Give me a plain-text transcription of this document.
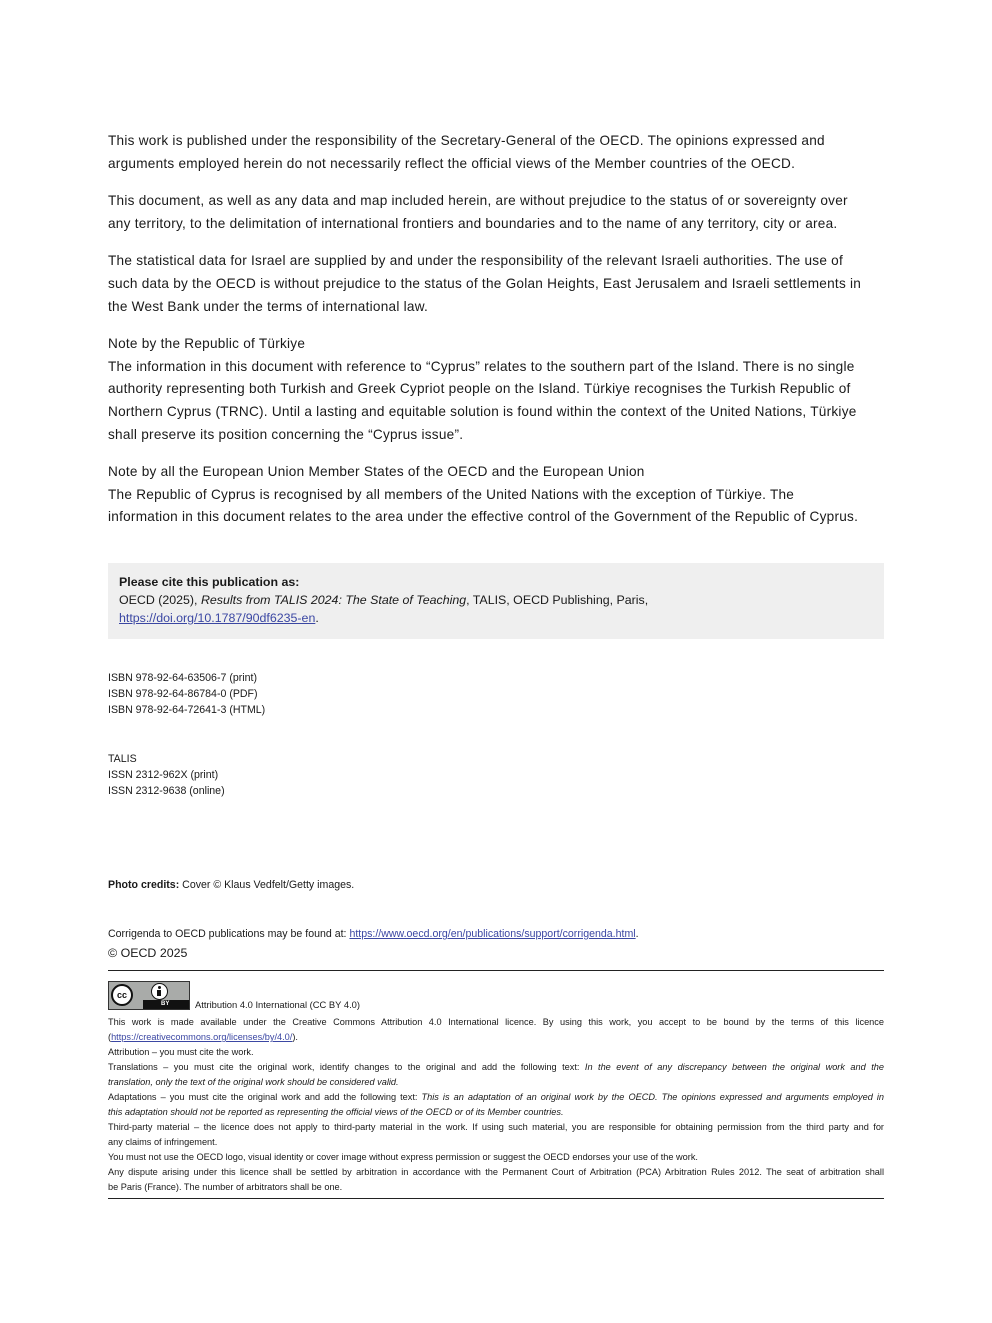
This work is published under the responsibility of the Secretary-General of the OECD. The opinions expressed and
arguments employed herein do not necessarily reflect the official views of the Member countries of the OECD.

This document, as well as any data and map included herein, are without prejudice to the status of or sovereignty over
any territory, to the delimitation of international frontiers and boundaries and to the name of any territory, city or area.

The statistical data for Israel are supplied by and under the responsibility of the relevant Israeli authorities. The use of
such data by the OECD is without prejudice to the status of the Golan Heights, East Jerusalem and Israeli settlements in
the West Bank under the terms of international law.

Note by the Republic of Türkiye
The information in this document with reference to “Cyprus” relates to the southern part of the Island. There is no single
authority representing both Turkish and Greek Cypriot people on the Island. Türkiye recognises the Turkish Republic of
Northern Cyprus (TRNC). Until a lasting and equitable solution is found within the context of the United Nations, Türkiye
shall preserve its position concerning the “Cyprus issue”.

Note by all the European Union Member States of the OECD and the European Union
The Republic of Cyprus is recognised by all members of the United Nations with the exception of Türkiye. The
information in this document relates to the area under the effective control of the Government of the Republic of Cyprus.

Please cite this publication as:
OECD (2025), Results from TALIS 2024: The State of Teaching, TALIS, OECD Publishing, Paris,
https://doi.org/10.1787/90df6235-en.
ISBN 978-92-64-63506-7 (print)
ISBN 978-92-64-86784-0 (PDF)
ISBN 978-92-64-72641-3 (HTML)
TALIS
ISSN 2312-962X (print)
ISSN 2312-9638 (online)
Photo credits: Cover © Klaus Vedfelt/Getty images.
Corrigenda to OECD publications may be found at: https://www.oecd.org/en/publications/support/corrigenda.html.
© OECD 2025
cc
BY	Attribution 4.0 International (CC BY 4.0)
This work is made available under the Creative Commons Attribution 4.0 International licence. By using this work, you accept to be bound by the terms of this licence
(https://creativecommons.org/licenses/by/4.0/).
Attribution – you must cite the work.
Translations – you must cite the original work, identify changes to the original and add the following text: In the event of any discrepancy between the original work and the
translation, only the text of the original work should be considered valid.
Adaptations – you must cite the original work and add the following text: This is an adaptation of an original work by the OECD. The opinions expressed and arguments employed in
this adaptation should not be reported as representing the official views of the OECD or of its Member countries.
Third-party material – the licence does not apply to third-party material in the work. If using such material, you are responsible for obtaining permission from the third party and for
any claims of infringement.
You must not use the OECD logo, visual identity or cover image without express permission or suggest the OECD endorses your use of the work.
Any dispute arising under this licence shall be settled by arbitration in accordance with the Permanent Court of Arbitration (PCA) Arbitration Rules 2012. The seat of arbitration shall
be Paris (France). The number of arbitrators shall be one.
